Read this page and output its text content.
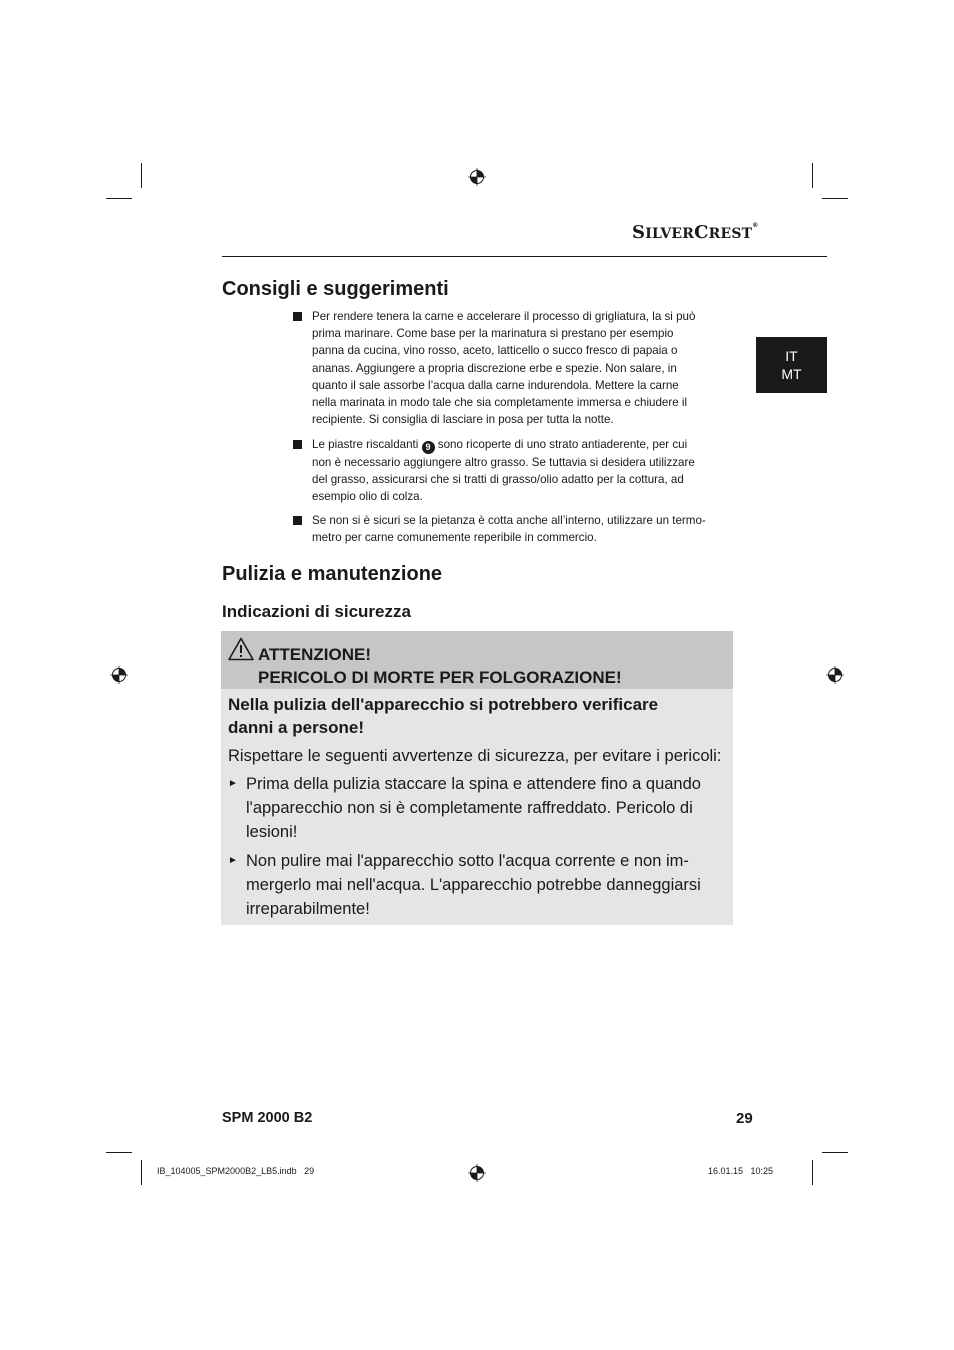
SILVERCREST®
IT
MT
Consigli e suggerimenti
Per rendere tenera la carne e accelerare il processo di grigliatura, la si può
prima marinare. Come base per la marinatura si prestano per esempio
panna da cucina, vino rosso, aceto, latticello o succo fresco di papaia o
ananas. Aggiungere a propria discrezione erbe e spezie. Non salare, in
quanto il sale assorbe l’acqua dalla carne indurendola. Mettere la carne
nella marinata in modo tale che sia completamente immersa e chiudere il
recipiente. Si consiglia di lasciare in posa per tutta la notte.
Le piastre riscaldanti 9 sono ricoperte di uno strato antiaderente, per cui
non è necessario aggiungere altro grasso. Se tuttavia si desidera utilizzare
del grasso, assicurarsi che si tratti di grasso/olio adatto per la cottura, ad
esempio olio di colza.
Se non si è sicuri se la pietanza è cotta anche all’interno, utilizzare un termo-
metro per carne comunemente reperibile in commercio.
Pulizia e manutenzione
Indicazioni di sicurezza
ATTENZIONE!
PERICOLO DI MORTE PER FOLGORAZIONE!
Nella pulizia dell'apparecchio si potrebbero verificare
danni a persone!
Rispettare le seguenti avvertenze di sicurezza, per evitare i pericoli:
► Prima della pulizia staccare la spina e attendere fino a quando
l'apparecchio non si è completamente raffreddato. Pericolo di
lesioni!
► Non pulire mai l'apparecchio sotto l'acqua corrente e non im-
mergerlo mai nell'acqua. L'apparecchio potrebbe danneggiarsi
irreparabilmente!
SPM 2000 B2	29
IB_104005_SPM2000B2_LB5.indb   29	16.01.15   10:25
